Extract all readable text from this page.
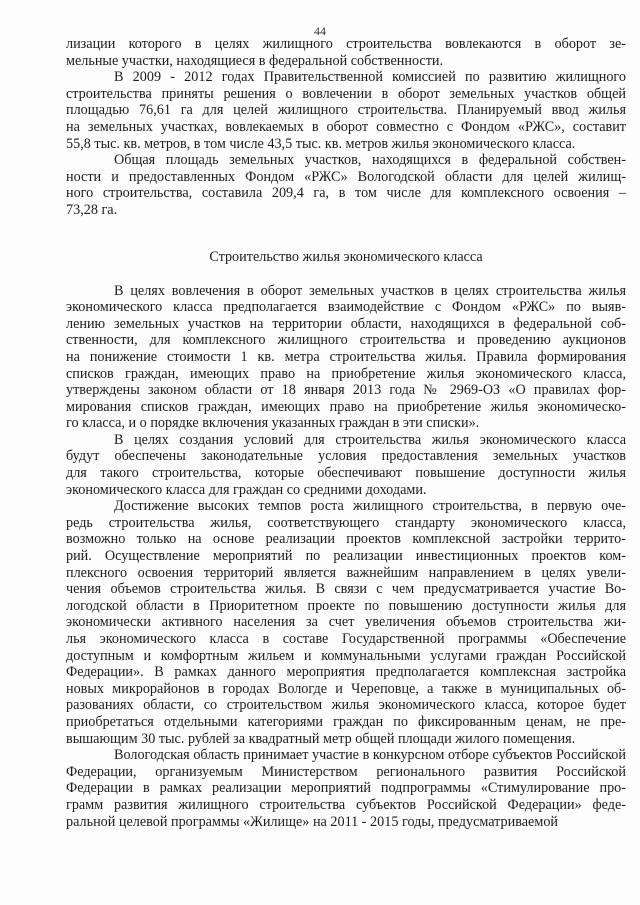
44
лизации которого в целях жилищного строительства вовлекаются в оборот зе-
мельные участки, находящиеся в федеральной собственности.
В 2009 - 2012 годах Правительственной комиссией по развитию жилищного
строительства приняты решения о вовлечении в оборот земельных участков общей
площадью 76,61 га для целей жилищного строительства. Планируемый ввод жилья
на земельных участках, вовлекаемых в оборот совместно с Фондом «РЖС», составит
55,8 тыс. кв. метров, в том числе 43,5 тыс. кв. метров жилья экономического класса.
Общая площадь земельных участков, находящихся в федеральной собствен-
ности и предоставленных Фондом «РЖС» Вологодской области для целей жилищ-
ного строительства, составила 209,4 га, в том числе для комплексного освоения –
73,28 га.
Строительство жилья экономического класса
В целях вовлечения в оборот земельных участков в целях строительства жилья
экономического класса предполагается взаимодействие с Фондом «РЖС» по выяв-
лению земельных участков на территории области, находящихся в федеральной соб-
ственности, для комплексного жилищного строительства и проведению аукционов
на понижение стоимости 1 кв. метра строительства жилья. Правила формирования
списков граждан, имеющих право на приобретение жилья экономического класса,
утверждены законом области от 18 января 2013 года № 2969-ОЗ «О правилах фор-
мирования списков граждан, имеющих право на приобретение жилья экономическо-
го класса, и о порядке включения указанных граждан в эти списки».
В целях создания условий для строительства жилья экономического класса
будут обеспечены законодательные условия предоставления земельных участков
для такого строительства, которые обеспечивают повышение доступности жилья
экономического класса для граждан со средними доходами.
Достижение высоких темпов роста жилищного строительства, в первую оче-
редь строительства жилья, соответствующего стандарту экономического класса,
возможно только на основе реализации проектов комплексной застройки террито-
рий. Осуществление мероприятий по реализации инвестиционных проектов ком-
плексного освоения территорий является важнейшим направлением в целях увели-
чения объемов строительства жилья. В связи с чем предусматривается участие Во-
логодской области в Приоритетном проекте по повышению доступности жилья для
экономически активного населения за счет увеличения объемов строительства жи-
лья экономического класса в составе Государственной программы «Обеспечение
доступным и комфортным жильем и коммунальными услугами граждан Российской
Федерации». В рамках данного мероприятия предполагается комплексная застройка
новых микрорайонов в городах Вологде и Череповце, а также в муниципальных об-
разованиях области, со строительством жилья экономического класса, которое будет
приобретаться отдельными категориями граждан по фиксированным ценам, не пре-
вышающим 30 тыс. рублей за квадратный метр общей площади жилого помещения.
Вологодская область принимает участие в конкурсном отборе субъектов Российской
Федерации, организуемым Министерством регионального развития Российской
Федерации в рамках реализации мероприятий подпрограммы «Стимулирование про-
грамм развития жилищного строительства субъектов Российской Федерации» феде-
ральной целевой программы «Жилище» на 2011 - 2015 годы, предусматриваемой
